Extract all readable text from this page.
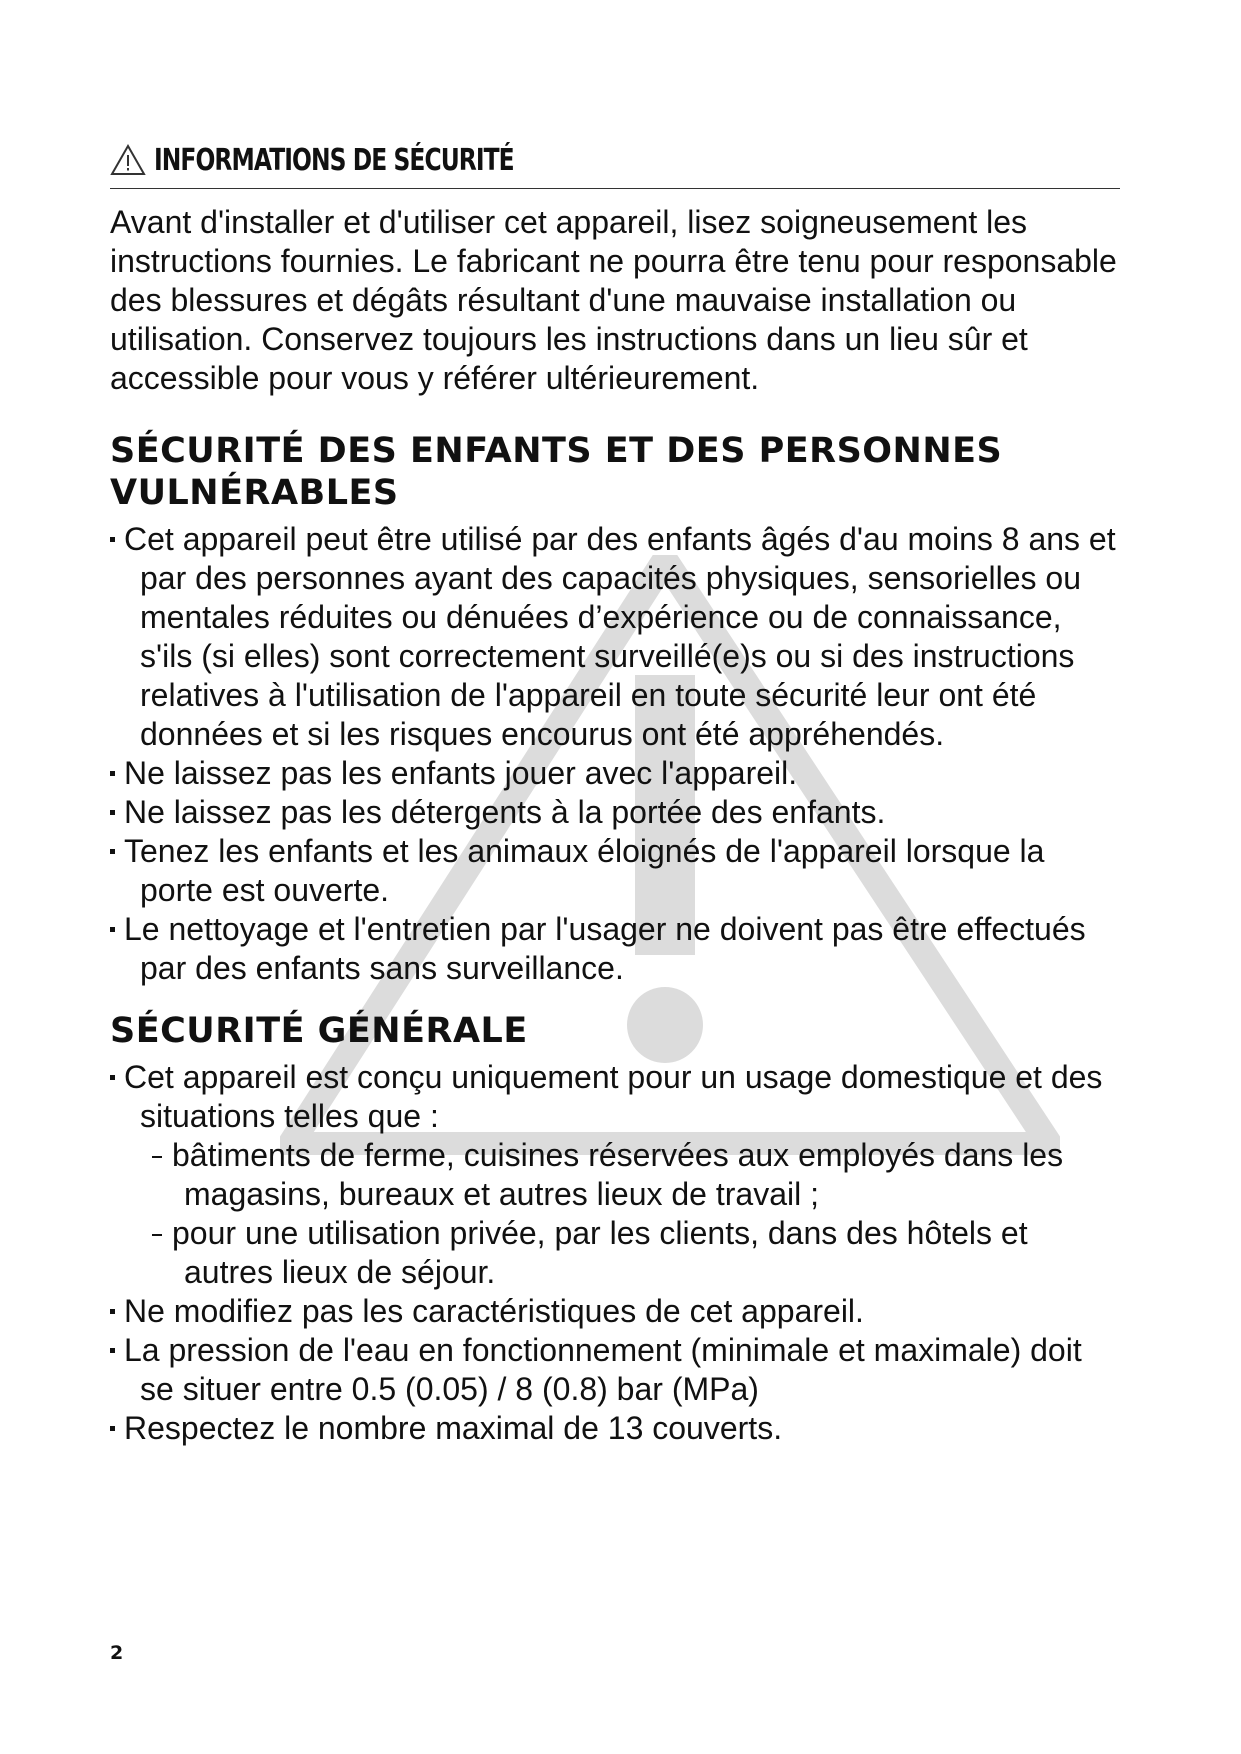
INFORMATIONS DE SÉCURITÉ

Avant d'installer et d'utiliser cet appareil, lisez soigneusement les instructions fournies. Le fabricant ne pourra être tenu pour responsable des blessures et dégâts résultant d'une mauvaise installation ou utilisation. Conservez toujours les instructions dans un lieu sûr et accessible pour vous y référer ultérieurement.

SÉCURITÉ DES ENFANTS ET DES PERSONNES VULNÉRABLES
Cet appareil peut être utilisé par des enfants âgés d'au moins 8 ans et par des personnes ayant des capacités physiques, sensorielles ou mentales réduites ou dénuées d’expérience ou de connaissance, s'ils (si elles) sont correctement surveillé(e)s ou si des instructions relatives à l'utilisation de l'appareil en toute sécurité leur ont été données et si les risques encourus ont été appréhendés.
Ne laissez pas les enfants jouer avec l'appareil.
Ne laissez pas les détergents à la portée des enfants.
Tenez les enfants et les animaux éloignés de l'appareil lorsque la porte est ouverte.
Le nettoyage et l'entretien par l'usager ne doivent pas être effectués par des enfants sans surveillance.
SÉCURITÉ GÉNÉRALE
Cet appareil est conçu uniquement pour un usage domestique et des situations telles que :
bâtiments de ferme, cuisines réservées aux employés dans les magasins, bureaux et autres lieux de travail ;
pour une utilisation privée, par les clients, dans des hôtels et autres lieux de séjour.
Ne modifiez pas les caractéristiques de cet appareil.
La pression de l'eau en fonctionnement (minimale et maximale) doit se situer entre 0.5 (0.05) / 8 (0.8) bar (MPa)
Respectez le nombre maximal de 13 couverts.
2
